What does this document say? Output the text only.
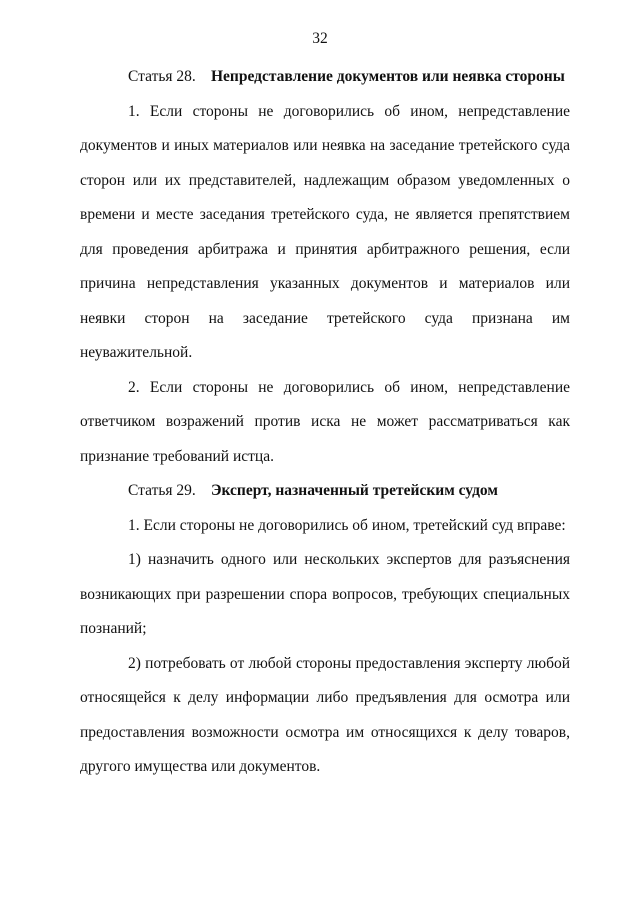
32
Статья 28. Непредставление документов или неявка стороны

1. Если стороны не договорились об ином, непредставление документов и иных материалов или неявка на заседание третейского суда сторон или их представителей, надлежащим образом уведомленных о времени и месте заседания третейского суда, не является препятствием для проведения арбитража и принятия арбитражного решения, если причина непредставления указанных документов и материалов или неявки сторон на заседание третейского суда признана им неуважительной.

2. Если стороны не договорились об ином, непредставление ответчиком возражений против иска не может рассматриваться как признание требований истца.

Статья 29. Эксперт, назначенный третейским судом

1. Если стороны не договорились об ином, третейский суд вправе:

1) назначить одного или нескольких экспертов для разъяснения возникающих при разрешении спора вопросов, требующих специальных познаний;

2) потребовать от любой стороны предоставления эксперту любой относящейся к делу информации либо предъявления для осмотра или предоставления возможности осмотра им относящихся к делу товаров, другого имущества или документов.
